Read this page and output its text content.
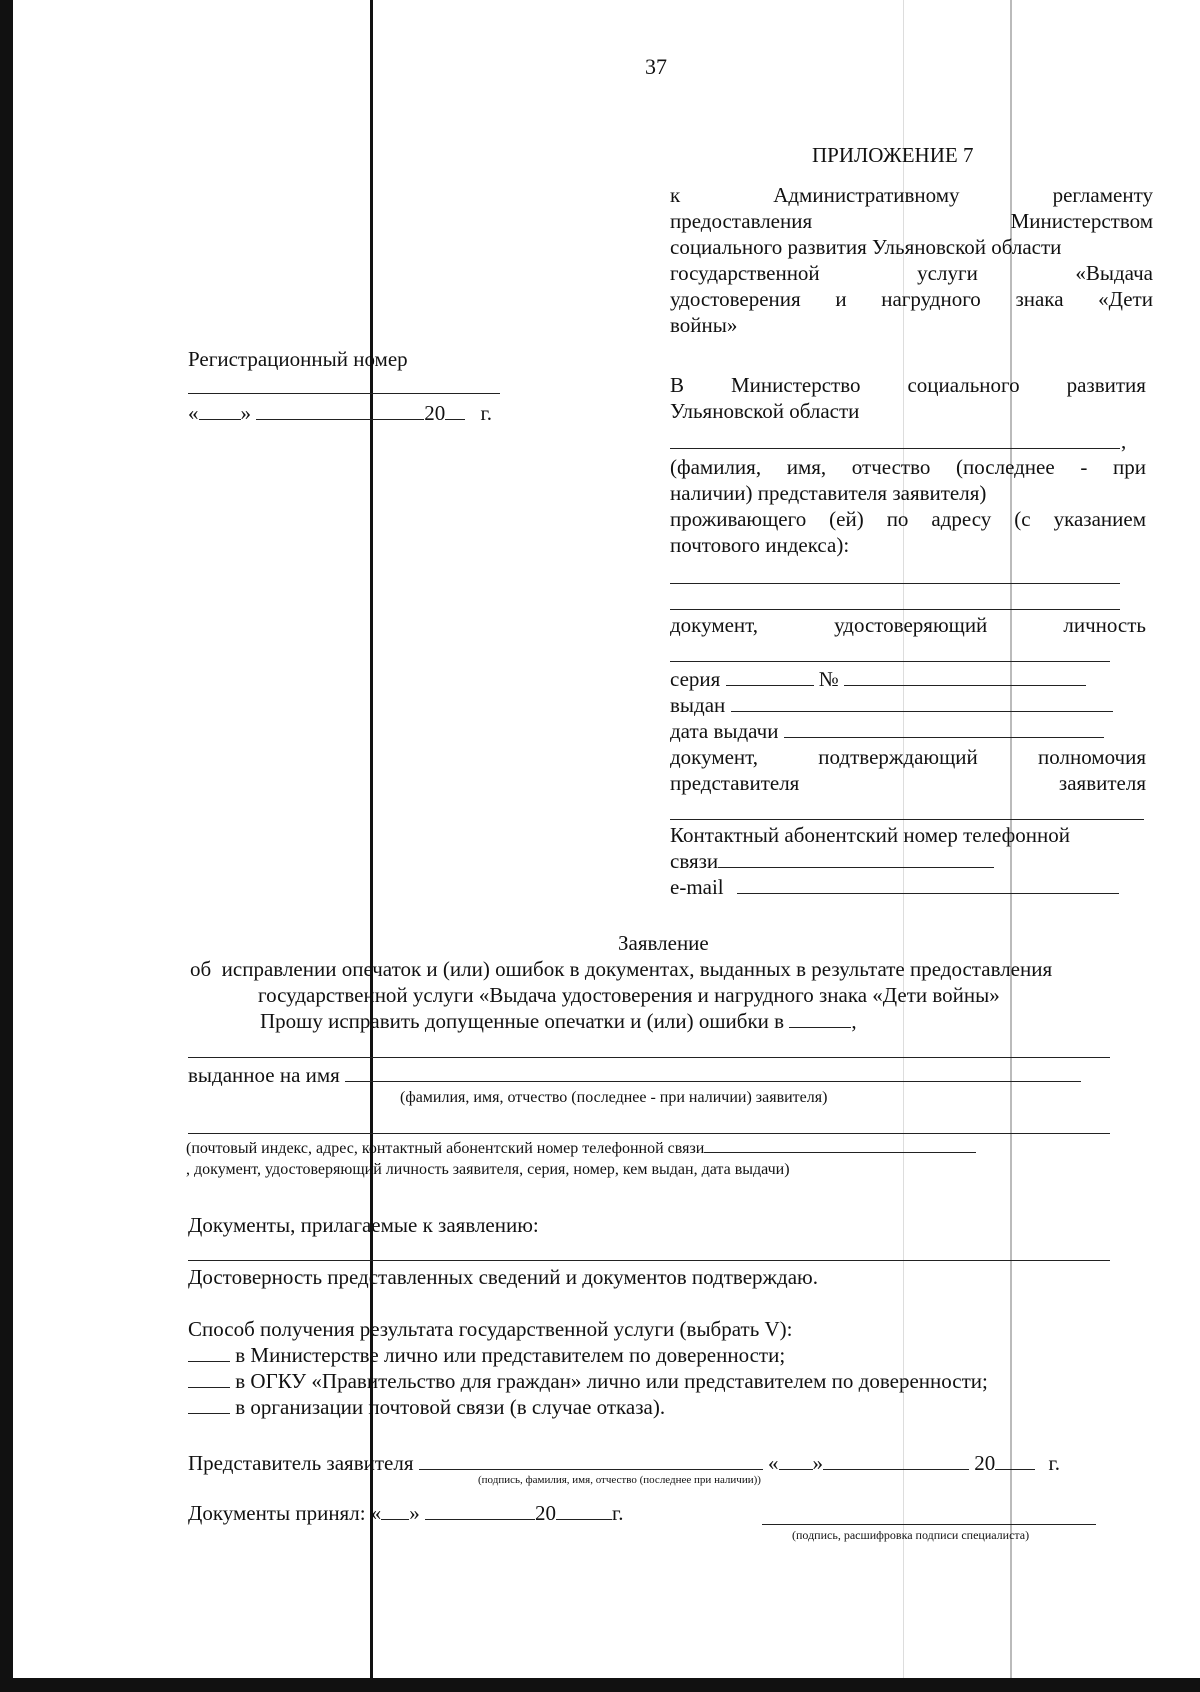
37
ПРИЛОЖЕНИЕ 7
к	Административному	регламенту
предоставления	Министерством
социального развития Ульяновской области
государственной	услуги	«Выдача
удостоверения и нагрудного знака «Дети
войны»
Регистрационный номер
« »	20 г.
В Министерство социального развития
Ульяновской области
,
(фамилия, имя, отчество (последнее - при
наличии) представителя заявителя)
проживающего (ей) по адресу (с указанием
почтового индекса):
документ,	удостоверяющий	личность
серия	№
выдан
дата выдачи
документ,	подтверждающий	полномочия
представителя	заявителя
Контактный абонентский номер телефонной
связи
e-mail
Заявление
об  исправлении опечаток и (или) ошибок в документах, выданных в результате предоставления
государственной услуги «Выдача удостоверения и нагрудного знака «Дети войны»
Прошу исправить допущенные опечатки и (или) ошибки в	,
выданное на имя
(фамилия, имя, отчество (последнее - при наличии) заявителя)
(почтовый индекс, адрес, контактный абонентский номер телефонной связи
, документ, удостоверяющий личность заявителя, серия, номер, кем выдан, дата выдачи)
Документы, прилагаемые к заявлению:
Достоверность представленных сведений и документов подтверждаю.
Способ получения результата государственной услуги (выбрать V):
в Министерстве лично или представителем по доверенности;
в ОГКУ «Правительство для граждан» лично или представителем по доверенности;
в организации почтовой связи (в случае отказа).
Представитель заявителя	« »	20	г.
(подпись, фамилия, имя, отчество (последнее при наличии))
Документы принял: « »	20	г.
(подпись, расшифровка подписи специалиста)
